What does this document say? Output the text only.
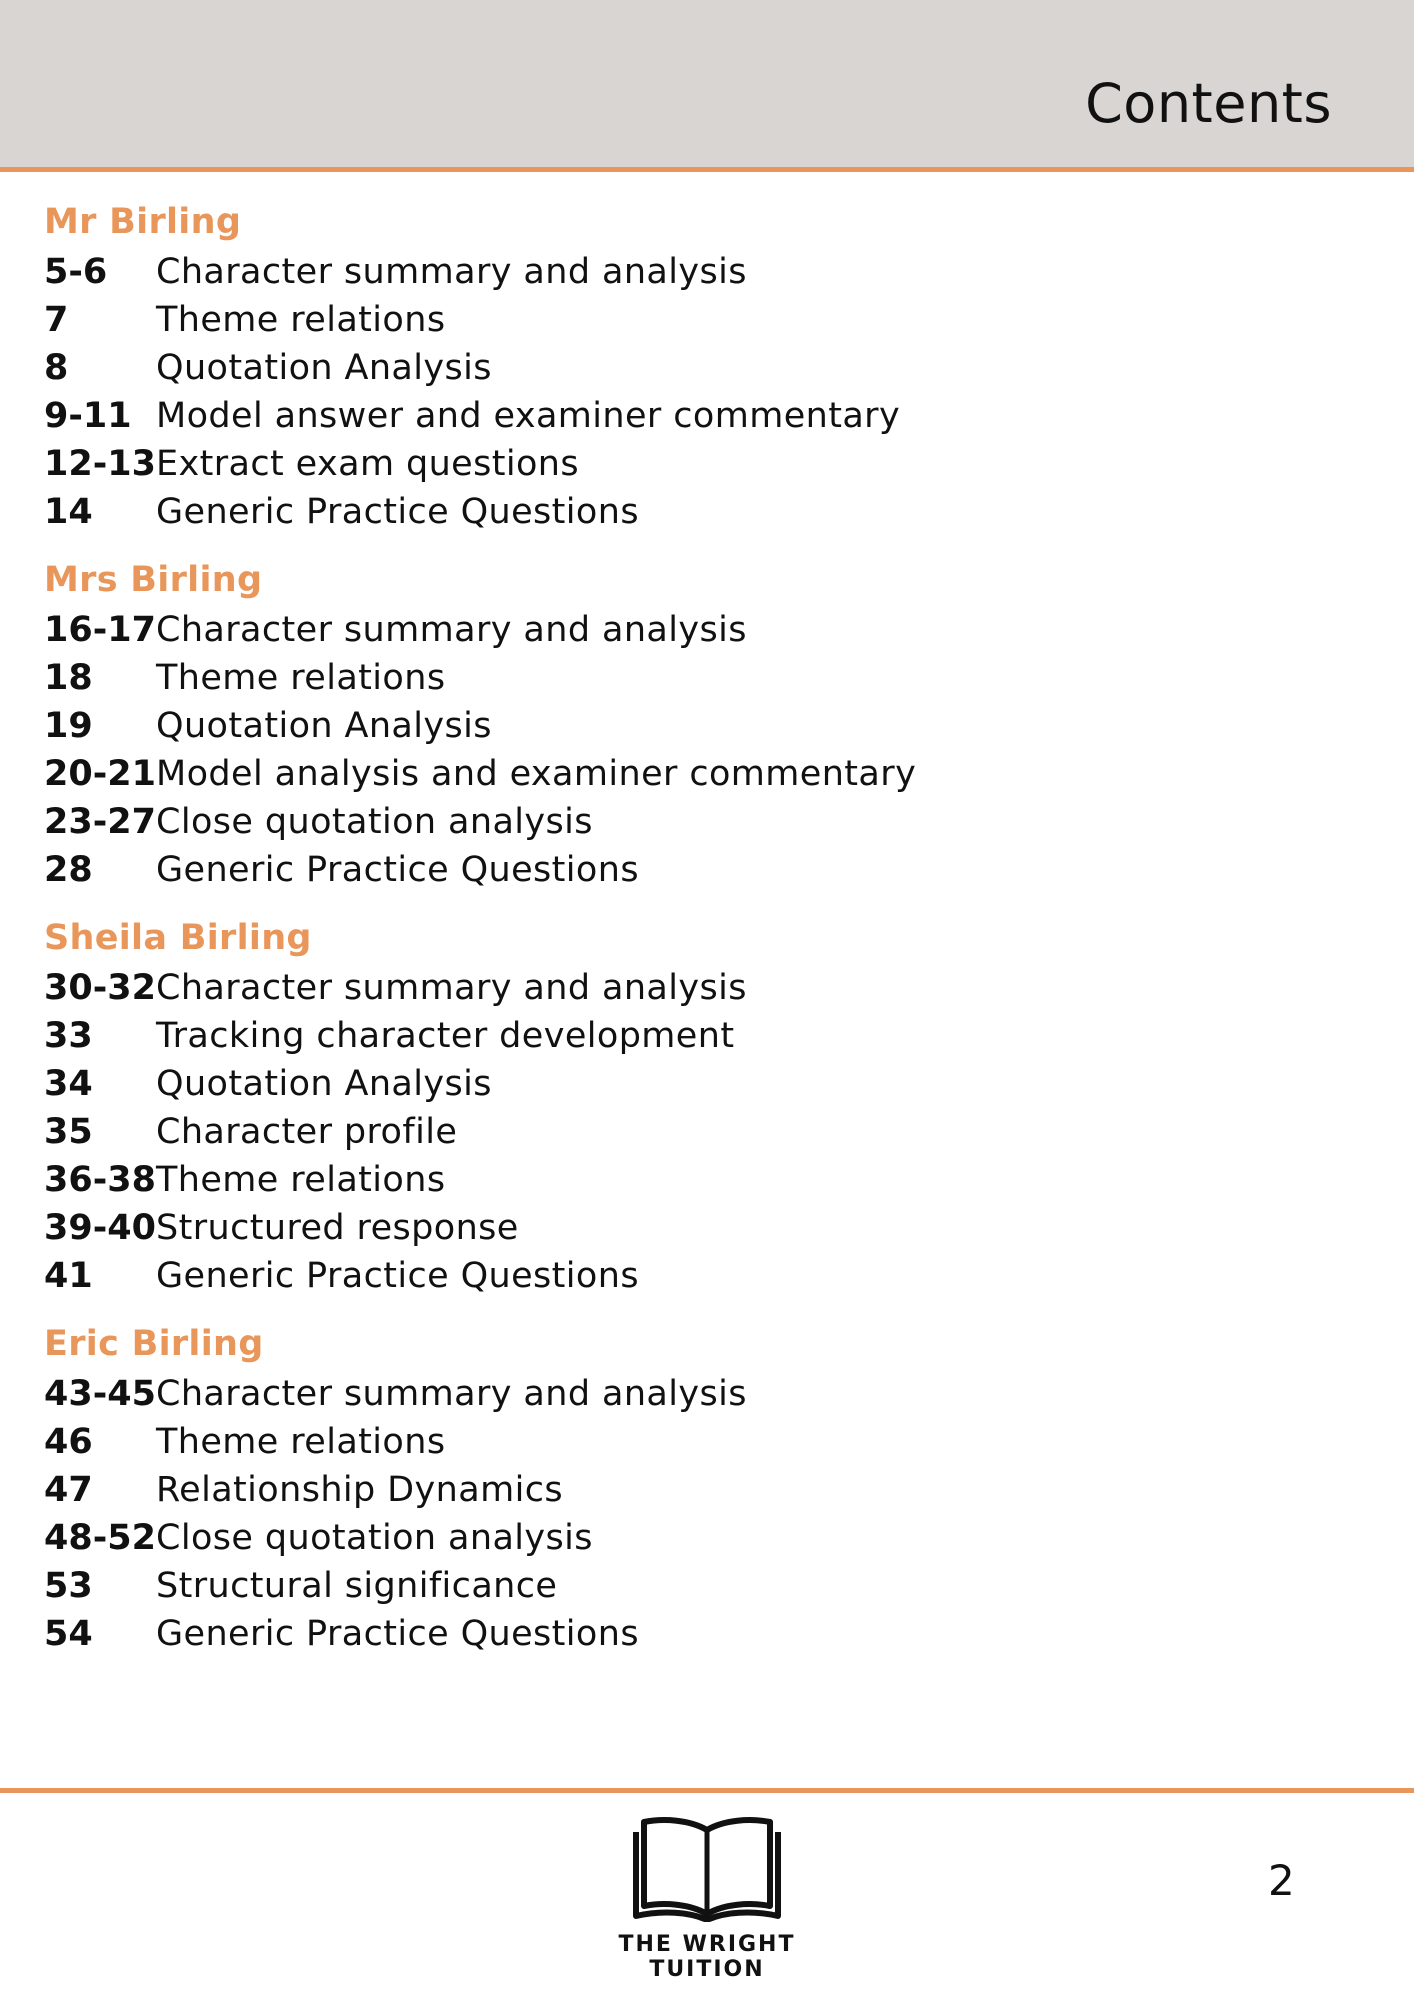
Contents
Mr Birling
5-6 Character summary and analysis
7	Theme relations
8	Quotation Analysis
9-11 Model answer and examiner commentary
12-13Extract exam questions
14 Generic Practice Questions
Mrs Birling
16-17Character summary and analysis
18 Theme relations
19 Quotation Analysis
20-21Model analysis and examiner commentary
23-27Close quotation analysis
28 Generic Practice Questions
Sheila Birling
30-32Character summary and analysis
33 Tracking character development
34 Quotation Analysis
35 Character profile
36-38Theme relations
39-40Structured response
41 Generic Practice Questions
Eric Birling
43-45Character summary and analysis
46 Theme relations
47 Relationship Dynamics
48-52Close quotation analysis
53 Structural significance
54 Generic Practice Questions
THE WRIGHT TUITION
2
